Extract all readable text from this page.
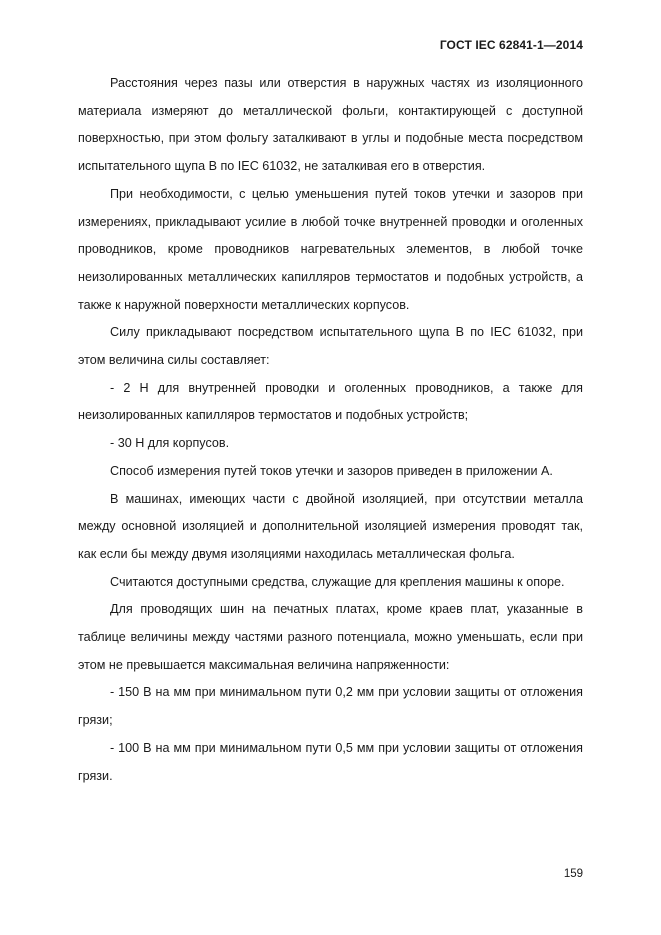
ГОСТ IEC 62841-1—2014

Расстояния через пазы или отверстия в наружных частях из изоляционного материала измеряют до металлической фольги, контактирующей с доступной поверхностью, при этом фольгу заталкивают в углы и подобные места посредством испытательного щупа В по IEC 61032, не заталкивая его в отверстия.

При необходимости, с целью уменьшения путей токов утечки и зазоров при измерениях, прикладывают усилие в любой точке внутренней проводки и оголенных проводников, кроме проводников нагревательных элементов, в любой точке неизолированных металлических капилляров термостатов и подобных устройств, а также к наружной поверхности металлических корпусов.

Силу прикладывают посредством испытательного щупа В по IEC 61032, при этом величина силы составляет:

- 2 Н для внутренней проводки и оголенных проводников, а также для неизолированных капилляров термостатов и подобных устройств;

- 30 Н для корпусов.

Способ измерения путей токов утечки и зазоров приведен в приложении А.

В машинах, имеющих части с двойной изоляцией, при отсутствии металла между основной изоляцией и дополнительной изоляцией измерения проводят так, как если бы между двумя изоляциями находилась металлическая фольга.

Считаются доступными средства, служащие для крепления машины к опоре.

Для проводящих шин на печатных платах, кроме краев плат, указанные в таблице величины между частями разного потенциала, можно уменьшать, если при этом не превышается максимальная величина напряженности:

- 150 В на мм при минимальном пути 0,2 мм при условии защиты от отложения грязи;

- 100 В на мм при минимальном пути 0,5 мм при условии защиты от отложения грязи.

159
